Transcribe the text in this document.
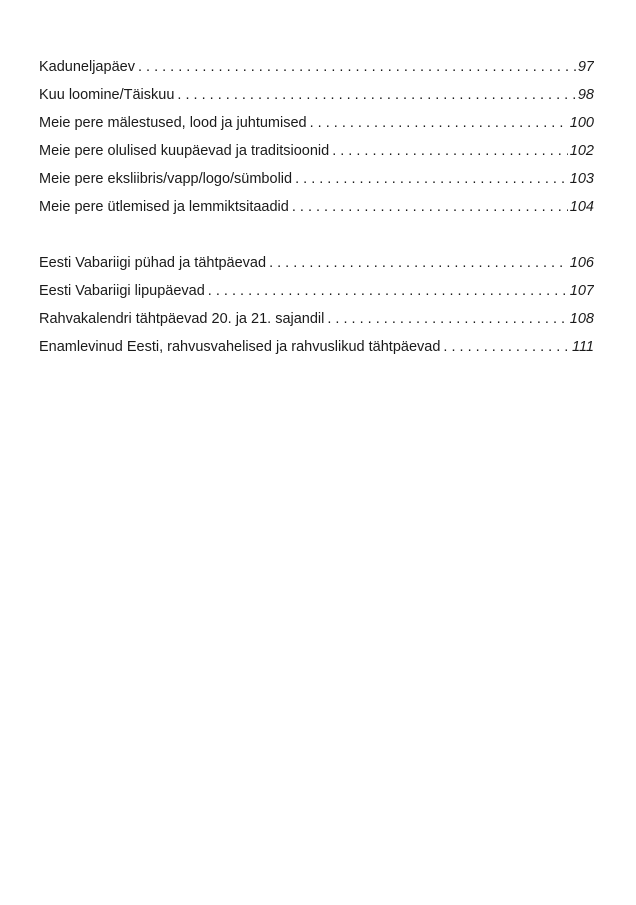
Kaduneljapäev . . .	97
Kuu loomine/Täiskuu . . .	98
Meie pere mälestused, lood ja juhtumised . . .	100
Meie pere olulised kuupäevad ja traditsioonid . . .	102
Meie pere eksliibris/vapp/logo/sümbolid . . .	103
Meie pere ütlemised ja lemmiktsitaadid . . .	104
Eesti Vabariigi pühad ja tähtpäevad . . .	106
Eesti Vabariigi lipupäevad . . .	107
Rahvakalendri tähtpäevad 20. ja 21. sajandil . . .	108
Enamlevinud Eesti, rahvusvahelised ja rahvuslikud tähtpäevad . . .	111
